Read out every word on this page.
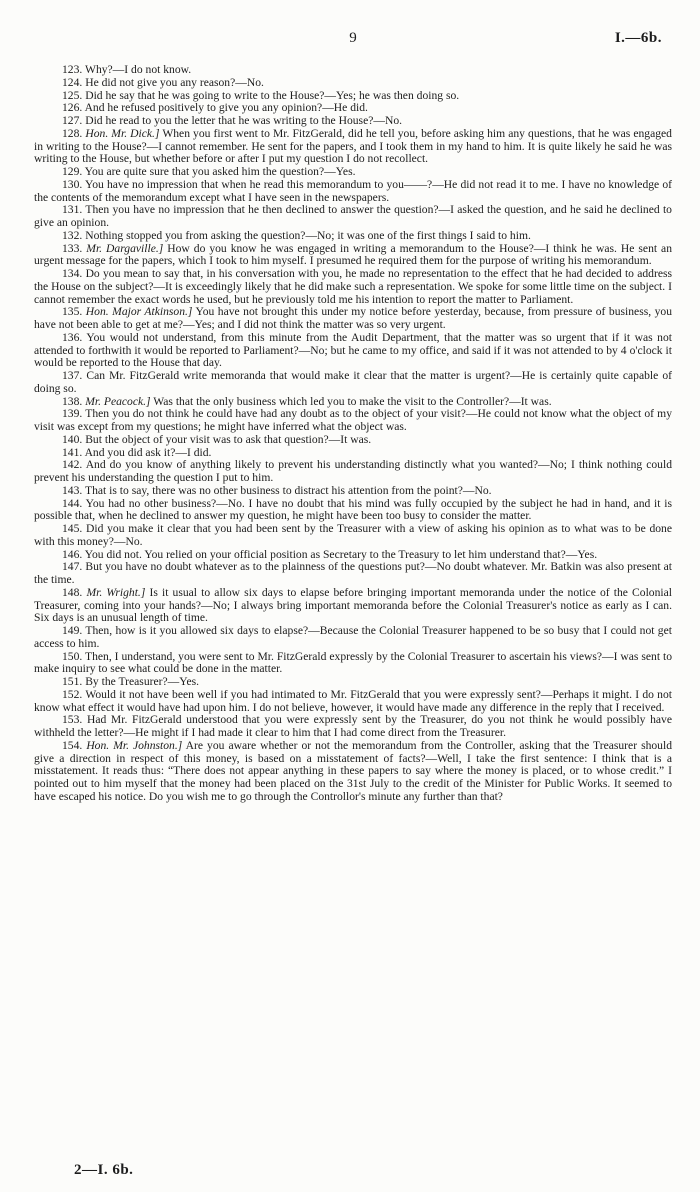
9	I.—6b.

123. Why?—I do not know.

124. He did not give you any reason?—No.

125. Did he say that he was going to write to the House?—Yes; he was then doing so.

126. And he refused positively to give you any opinion?—He did.

127. Did he read to you the letter that he was writing to the House?—No.

128. Hon. Mr. Dick.] When you first went to Mr. FitzGerald, did he tell you, before asking him any questions, that he was engaged in writing to the House?—I cannot remember. He sent for the papers, and I took them in my hand to him. It is quite likely he said he was writing to the House, but whether before or after I put my question I do not recollect.

129. You are quite sure that you asked him the question?—Yes.

130. You have no impression that when he read this memorandum to you——?—He did not read it to me. I have no knowledge of the contents of the memorandum except what I have seen in the newspapers.

131. Then you have no impression that he then declined to answer the question?—I asked the question, and he said he declined to give an opinion.

132. Nothing stopped you from asking the question?—No; it was one of the first things I said to him.

133. Mr. Dargaville.] How do you know he was engaged in writing a memorandum to the House?—I think he was. He sent an urgent message for the papers, which I took to him myself. I presumed he required them for the purpose of writing his memorandum.

134. Do you mean to say that, in his conversation with you, he made no representation to the effect that he had decided to address the House on the subject?—It is exceedingly likely that he did make such a representation. We spoke for some little time on the subject. I cannot remember the exact words he used, but he previously told me his intention to report the matter to Parliament.

135. Hon. Major Atkinson.] You have not brought this under my notice before yesterday, because, from pressure of business, you have not been able to get at me?—Yes; and I did not think the matter was so very urgent.

136. You would not understand, from this minute from the Audit Department, that the matter was so urgent that if it was not attended to forthwith it would be reported to Parliament?—No; but he came to my office, and said if it was not attended to by 4 o'clock it would be reported to the House that day.

137. Can Mr. FitzGerald write memoranda that would make it clear that the matter is urgent?—He is certainly quite capable of doing so.

138. Mr. Peacock.] Was that the only business which led you to make the visit to the Controller?—It was.

139. Then you do not think he could have had any doubt as to the object of your visit?—He could not know what the object of my visit was except from my questions; he might have inferred what the object was.

140. But the object of your visit was to ask that question?—It was.

141. And you did ask it?—I did.

142. And do you know of anything likely to prevent his understanding distinctly what you wanted?—No; I think nothing could prevent his understanding the question I put to him.

143. That is to say, there was no other business to distract his attention from the point?—No.

144. You had no other business?—No. I have no doubt that his mind was fully occupied by the subject he had in hand, and it is possible that, when he declined to answer my question, he might have been too busy to consider the matter.

145. Did you make it clear that you had been sent by the Treasurer with a view of asking his opinion as to what was to be done with this money?—No.

146. You did not. You relied on your official position as Secretary to the Treasury to let him understand that?—Yes.

147. But you have no doubt whatever as to the plainness of the questions put?—No doubt whatever. Mr. Batkin was also present at the time.

148. Mr. Wright.] Is it usual to allow six days to elapse before bringing important memoranda under the notice of the Colonial Treasurer, coming into your hands?—No; I always bring important memoranda before the Colonial Treasurer's notice as early as I can. Six days is an unusual length of time.

149. Then, how is it you allowed six days to elapse?—Because the Colonial Treasurer happened to be so busy that I could not get access to him.

150. Then, I understand, you were sent to Mr. FitzGerald expressly by the Colonial Treasurer to ascertain his views?—I was sent to make inquiry to see what could be done in the matter.

151. By the Treasurer?—Yes.

152. Would it not have been well if you had intimated to Mr. FitzGerald that you were expressly sent?—Perhaps it might. I do not know what effect it would have had upon him. I do not believe, however, it would have made any difference in the reply that I received.

153. Had Mr. FitzGerald understood that you were expressly sent by the Treasurer, do you not think he would possibly have withheld the letter?—He might if I had made it clear to him that I had come direct from the Treasurer.

154. Hon. Mr. Johnston.] Are you aware whether or not the memorandum from the Controller, asking that the Treasurer should give a direction in respect of this money, is based on a misstatement of facts?—Well, I take the first sentence: I think that is a misstatement. It reads thus: “There does not appear anything in these papers to say where the money is placed, or to whose credit.” I pointed out to him myself that the money had been placed on the 31st July to the credit of the Minister for Public Works. It seemed to have escaped his notice. Do you wish me to go through the Controllor's minute any further than that?

2—I. 6b.
